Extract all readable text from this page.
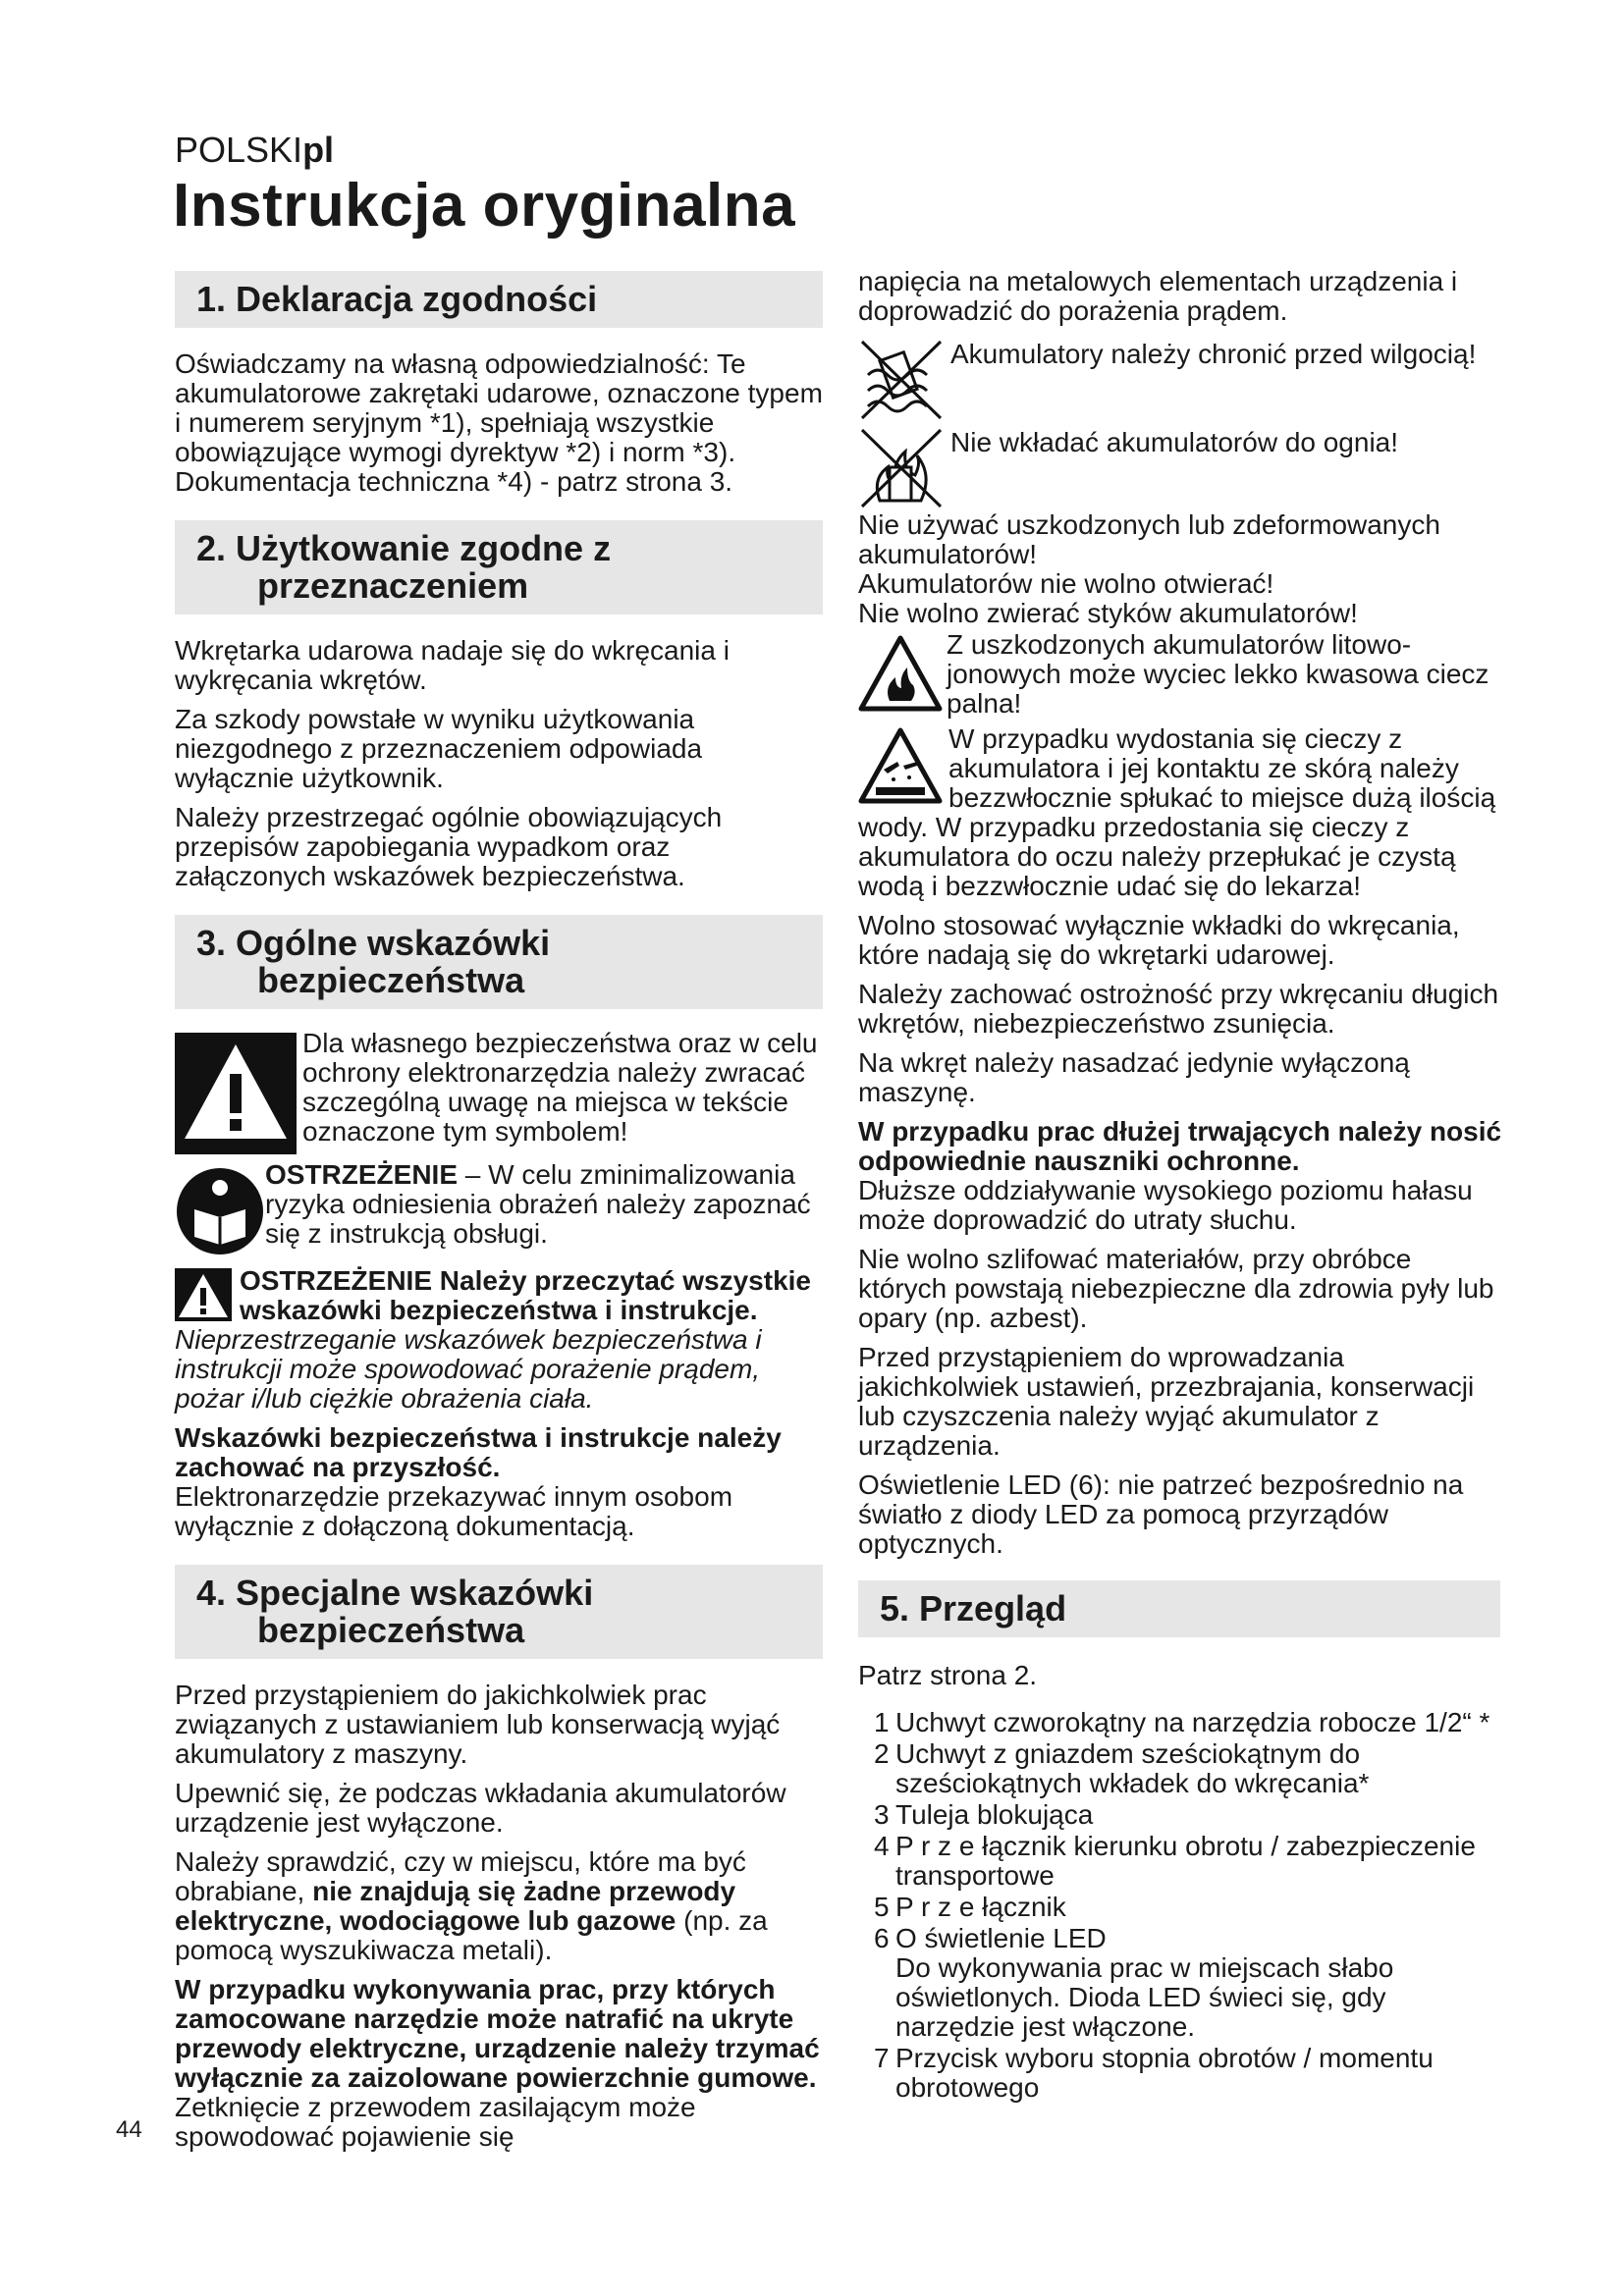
POLSKIpl
Instrukcja oryginalna
1. Deklaracja zgodności

Oświadczamy na własną odpowiedzialność: Te akumulatorowe zakrętaki udarowe, oznaczone typem i numerem seryjnym *1), spełniają wszystkie obowiązujące wymogi dyrektyw *2) i norm *3). Dokumentacja techniczna *4) - patrz strona 3.

2. Użytkowanie zgodne z
przeznaczeniem

Wkrętarka udarowa nadaje się do wkręcania i wykręcania wkrętów.

Za szkody powstałe w wyniku użytkowania niezgodnego z przeznaczeniem odpowiada wyłącznie użytkownik.

Należy przestrzegać ogólnie obowiązujących przepisów zapobiegania wypadkom oraz załączonych wskazówek bezpieczeństwa.

3. Ogólne wskazówki
bezpieczeństwa

Dla własnego bezpieczeństwa oraz w celu ochrony elektronarzędzia należy zwracać szczególną uwagę na miejsca w tekście oznaczone tym symbolem!

OSTRZEŻENIE – W celu zminimalizowania ryzyka odniesienia obrażeń należy zapoznać się z instrukcją obsługi.

OSTRZEŻENIE Należy przeczytać wszystkie wskazówki bezpieczeństwa i instrukcje. Nieprzestrzeganie wskazówek bezpieczeństwa i instrukcji może spowodować porażenie prądem, pożar i/lub ciężkie obrażenia ciała.

Wskazówki bezpieczeństwa i instrukcje należy zachować na przyszłość.

Elektronarzędzie przekazywać innym osobom wyłącznie z dołączoną dokumentacją.

4. Specjalne wskazówki
bezpieczeństwa

Przed przystąpieniem do jakichkolwiek prac związanych z ustawianiem lub konserwacją wyjąć akumulatory z maszyny.

Upewnić się, że podczas wkładania akumulatorów urządzenie jest wyłączone.

Należy sprawdzić, czy w miejscu, które ma być obrabiane, nie znajdują się żadne przewody elektryczne, wodociągowe lub gazowe (np. za pomocą wyszukiwacza metali).

W przypadku wykonywania prac, przy których zamocowane narzędzie może natrafić na ukryte przewody elektryczne, urządzenie należy trzymać wyłącznie za zaizolowane powierzchnie gumowe. Zetknięcie z przewodem zasilającym może spowodować pojawienie się

napięcia na metalowych elementach urządzenia i doprowadzić do porażenia prądem.

Akumulatory należy chronić przed wilgocią!

Nie wkładać akumulatorów do ognia!

Nie używać uszkodzonych lub zdeformowanych akumulatorów!

Akumulatorów nie wolno otwierać!

Nie wolno zwierać styków akumulatorów!

Z uszkodzonych akumulatorów litowo-jonowych może wyciec lekko kwasowa ciecz palna!

W przypadku wydostania się cieczy z akumulatora i jej kontaktu ze skórą należy bezzwłocznie spłukać to miejsce dużą ilością wody. W przypadku przedostania się cieczy z akumulatora do oczu należy przepłukać je czystą wodą i bezzwłocznie udać się do lekarza!

Wolno stosować wyłącznie wkładki do wkręcania, które nadają się do wkrętarki udarowej.

Należy zachować ostrożność przy wkręcaniu długich wkrętów, niebezpieczeństwo zsunięcia.

Na wkręt należy nasadzać jedynie wyłączoną maszynę.

W przypadku prac dłużej trwających należy nosić odpowiednie nauszniki ochronne.
Dłuższe oddziaływanie wysokiego poziomu hałasu może doprowadzić do utraty słuchu.

Nie wolno szlifować materiałów, przy obróbce których powstają niebezpieczne dla zdrowia pyły lub opary (np. azbest).

Przed przystąpieniem do wprowadzania jakichkolwiek ustawień, przezbrajania, konserwacji lub czyszczenia należy wyjąć akumulator z urządzenia.

Oświetlenie LED (6): nie patrzeć bezpośrednio na światło z diody LED za pomocą przyrządów optycznych.

5. Przegląd

Patrz strona 2.

1 Uchwyt czworokątny na narzędzia robocze 1/2“ *
2 Uchwyt z gniazdem sześciokątnym do sześciokątnych wkładek do wkręcania*
3 Tuleja blokująca
4 P r z e łącznik kierunku obrotu / zabezpieczenie transportowe
5 P r z e łącznik
6 O świetlenie LED
Do wykonywania prac w miejscach słabo oświetlonych. Dioda LED świeci się, gdy narzędzie jest włączone.
7 Przycisk wyboru stopnia obrotów / momentu obrotowego
44
